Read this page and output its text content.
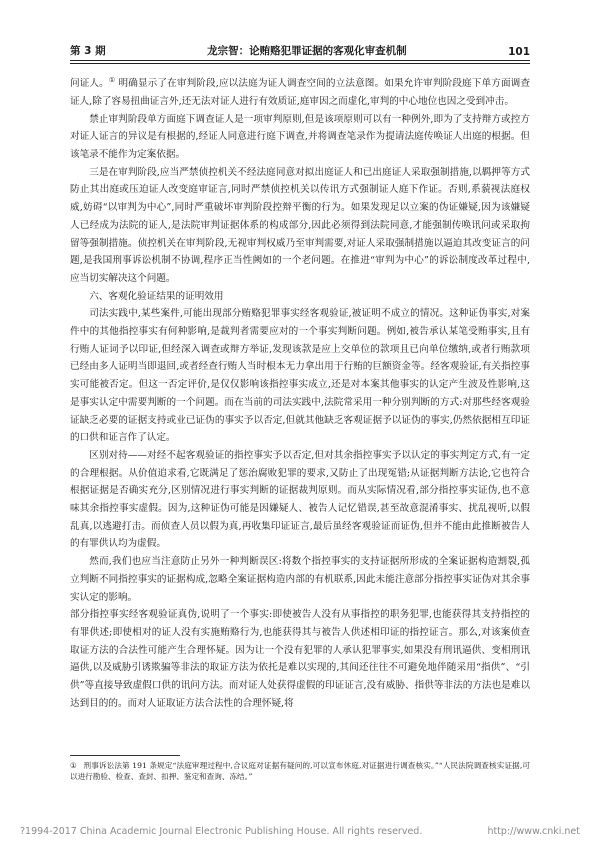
第 3 期	龙宗智：论贿赂犯罪证据的客观化审查机制	101

问证人。① 明确显示了在审判阶段,应以法庭为证人调查空间的立法意图。如果允许审判阶段庭下单方面调查证人,除了容易扭曲证言外,还无法对证人进行有效质证,庭审因之而虚化,审判的中心地位也因之受到冲击。

禁止审判阶段单方面庭下调查证人是一项审判原则,但是该项原则可以有一种例外,即为了支持辩方或控方对证人证言的异议是有根据的,经证人同意进行庭下调查,并将调查笔录作为提请法庭传唤证人出庭的根据。但该笔录不能作为定案依据。

三是在审判阶段,应当严禁侦控机关不经法庭同意对拟出庭证人和已出庭证人采取强制措施,以羁押等方式防止其出庭或压迫证人改变庭审证言,同时严禁侦控机关以传讯方式强制证人庭下作证。否则,系藐视法庭权威,妨碍“以审判为中心”,同时严重破坏审判阶段控辩平衡的行为。如果发现足以立案的伪证嫌疑,因为该嫌疑人已经成为法院的证人,是法院审判证据体系的构成部分,因此必须得到法院同意,才能强制传唤讯问或采取拘留等强制措施。侦控机关在审判阶段,无视审判权威乃至审判需要,对证人采取强制措施以逼迫其改变证言的问题,是我国刑事诉讼机制不协调,程序正当性阙如的一个老问题。在推进“审判为中心”的诉讼制度改革过程中,应当切实解决这个问题。

六、客观化验证结果的证明效用

司法实践中,某些案件,可能出现部分贿赂犯罪事实经客观验证,被证明不成立的情况。这种证伪事实,对案件中的其他指控事实有何种影响,是裁判者需要应对的一个事实判断问题。例如,被告承认某笔受贿事实,且有行贿人证词予以印证,但经深入调查或辩方举证,发现该款是应上交单位的款项且已向单位缴纳,或者行贿款项已经由多人证明当即退回,或者经查行贿人当时根本无力拿出用于行贿的巨额资金等。经客观验证,有关指控事实可能被否定。但这一否定评价,是仅仅影响该指控事实成立,还是对本案其他事实的认定产生波及性影响,这是事实认定中需要判断的一个问题。而在当前的司法实践中,法院常采用一种分别判断的方式:对那些经客观验证缺乏必要的证据支持或业已证伪的事实予以否定,但就其他缺乏客观证据予以证伪的事实,仍然依据相互印证的口供和证言作了认定。

区别对待——对经不起客观验证的指控事实予以否定,但对其余指控事实予以认定的事实判定方式,有一定的合理根据。从价值追求看,它既满足了惩治腐败犯罪的要求,又防止了出现冤错;从证据判断方法论,它也符合根据证据是否确实充分,区别情况进行事实判断的证据裁判原则。而从实际情况看,部分指控事实证伪,也不意味其余指控事实虚假。因为,这种证伪可能是因嫌疑人、被告人记忆错误,甚至故意混淆事实、扰乱视听,以假乱真,以逃避打击。而侦查人员以假为真,再收集印证证言,最后虽经客观验证而证伪,但并不能由此推断被告人的有罪供认均为虚假。

然而,我们也应当注意防止另外一种判断误区:将数个指控事实的支持证据所形成的全案证据构造割裂,孤立判断不同指控事实的证据构成,忽略全案证据构造内部的有机联系,因此未能注意部分指控事实证伪对其余事实认定的影响。

部分指控事实经客观验证真伪,说明了一个事实:即使被告人没有从事指控的职务犯罪,也能获得其支持指控的有罪供述;即使相对的证人没有实施贿赂行为,也能获得其与被告人供述相印证的指控证言。那么,对该案侦查取证方法的合法性可能产生合理怀疑。因为让一个没有犯罪的人承认犯罪事实,如果没有刑讯逼供、变相刑讯逼供,以及威胁引诱欺骗等非法的取证方法为依托是难以实现的,其间还往往不可避免地伴随采用“指供”、“引供”等直接导致虚假口供的讯问方法。而对证人处获得虚假的印证证言,没有威胁、指供等非法的方法也是难以达到目的的。而对人证取证方法合法性的合理怀疑,将

① 刑事诉讼法第 191 条规定“法庭审理过程中,合议庭对证据有疑问的,可以宣布休庭,对证据进行调查核实。”“人民法院调查核实证据,可以进行勘验、检查、查封、扣押、鉴定和查询、冻结。”
?1994-2017 China Academic Journal Electronic Publishing House. All rights reserved.	http://www.cnki.net
